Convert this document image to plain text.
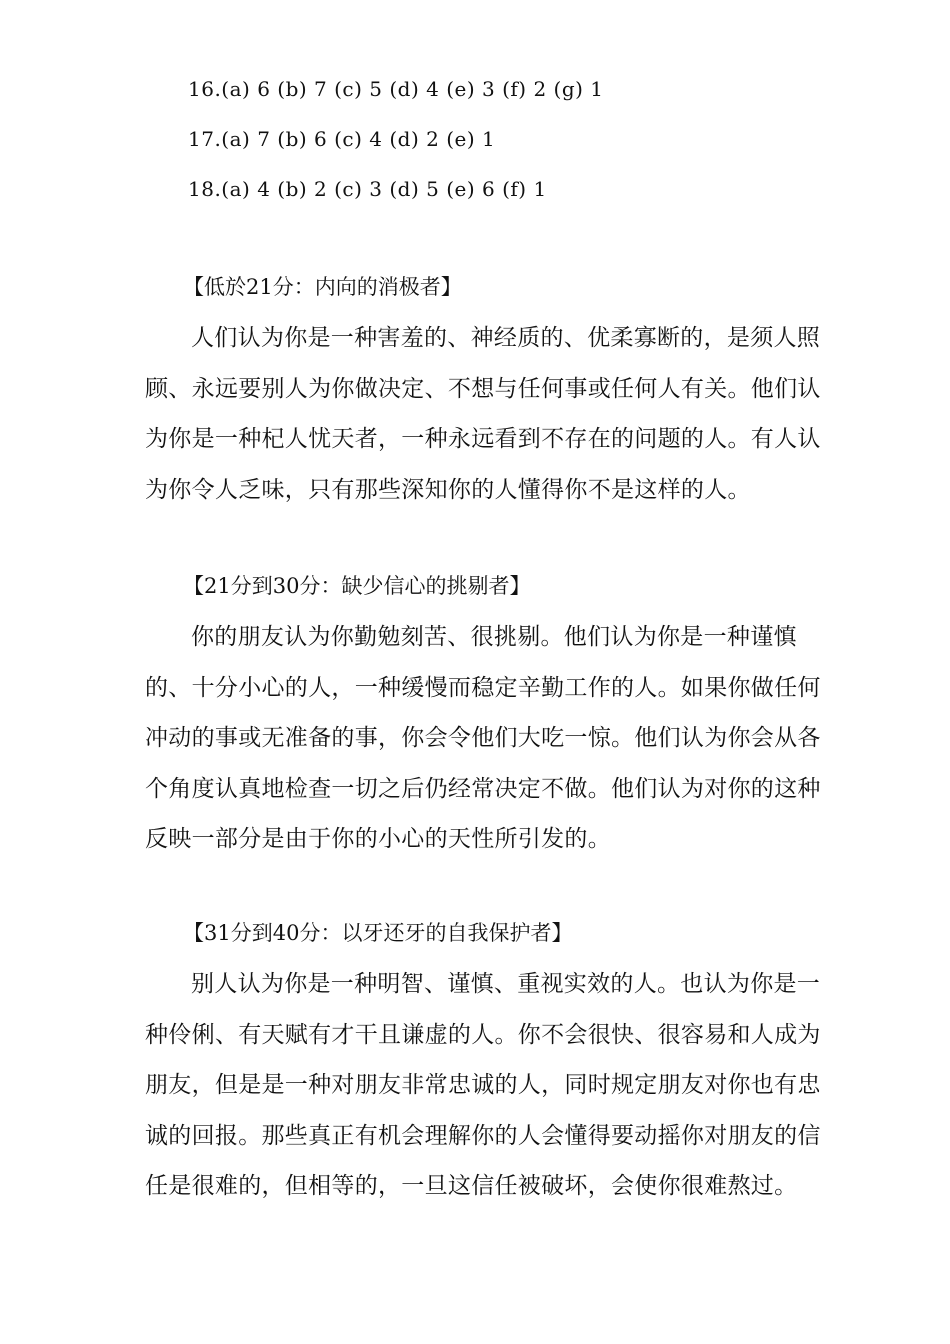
16.(a) 6 (b) 7 (c) 5 (d) 4 (e) 3 (f) 2 (g) 1
17.(a) 7 (b) 6 (c) 4 (d) 2 (e) 1
18.(a) 4 (b) 2 (c) 3 (d) 5 (e) 6 (f) 1
【低於21分：内向的消极者】
人们认为你是一种害羞的、神经质的、优柔寡断的，是须人照顾、永远要别人为你做决定、不想与任何事或任何人有关。他们认为你是一种杞人忧天者，一种永远看到不存在的问题的人。有人认为你令人乏味，只有那些深知你的人懂得你不是这样的人。
【21分到30分：缺少信心的挑剔者】
你的朋友认为你勤勉刻苦、很挑剔。他们认为你是一种谨慎的、十分小心的人，一种缓慢而稳定辛勤工作的人。如果你做任何冲动的事或无准备的事，你会令他们大吃一惊。他们认为你会从各个角度认真地检查一切之后仍经常决定不做。他们认为对你的这种反映一部分是由于你的小心的天性所引发的。
【31分到40分：以牙还牙的自我保护者】
别人认为你是一种明智、谨慎、重视实效的人。也认为你是一种伶俐、有天赋有才干且谦虚的人。你不会很快、很容易和人成为朋友，但是是一种对朋友非常忠诚的人，同时规定朋友对你也有忠诚的回报。那些真正有机会理解你的人会懂得要动摇你对朋友的信任是很难的，但相等的，一旦这信任被破坏，会使你很难熬过。
